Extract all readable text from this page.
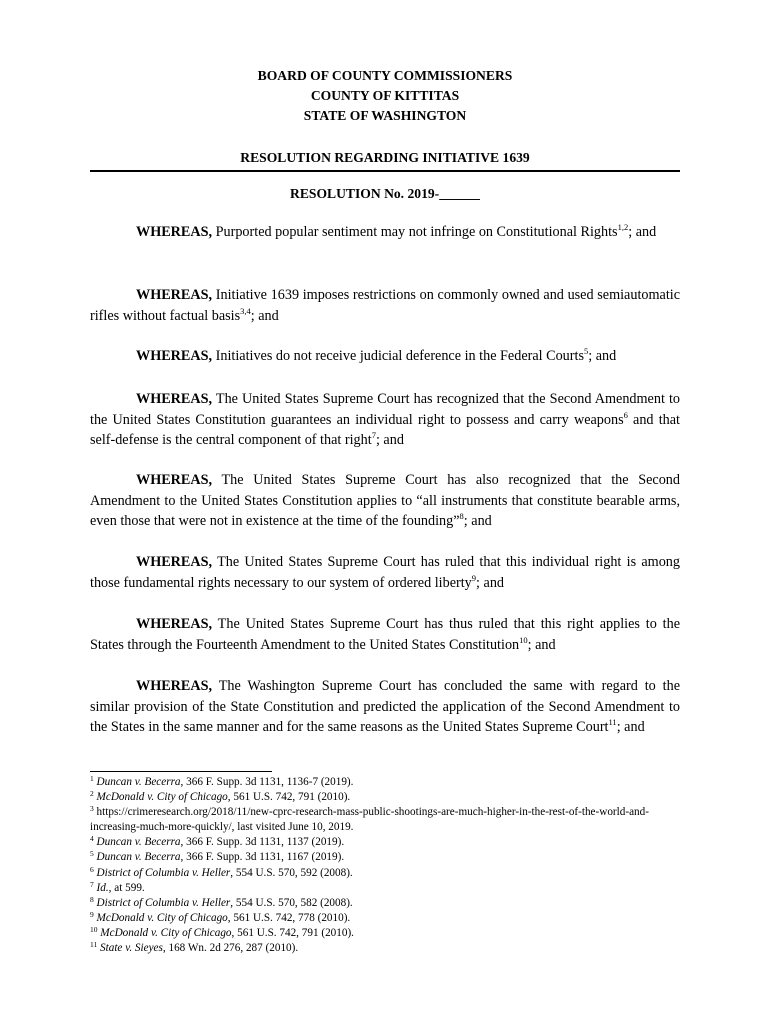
BOARD OF COUNTY COMMISSIONERS
COUNTY OF KITTITAS
STATE OF WASHINGTON
RESOLUTION REGARDING INITIATIVE 1639
RESOLUTION No. 2019-______
WHEREAS, Purported popular sentiment may not infringe on Constitutional Rights$^{1,2}$; and
WHEREAS, Initiative 1639 imposes restrictions on commonly owned and used semiautomatic rifles without factual basis$^{3,4}$; and
WHEREAS, Initiatives do not receive judicial deference in the Federal Courts$^5$; and
WHEREAS, The United States Supreme Court has recognized that the Second Amendment to the United States Constitution guarantees an individual right to possess and carry weapons$^6$ and that self-defense is the central component of that right$^7$; and
WHEREAS, The United States Supreme Court has also recognized that the Second Amendment to the United States Constitution applies to “all instruments that constitute bearable arms, even those that were not in existence at the time of the founding”$^8$; and
WHEREAS, The United States Supreme Court has ruled that this individual right is among those fundamental rights necessary to our system of ordered liberty$^9$; and
WHEREAS, The United States Supreme Court has thus ruled that this right applies to the States through the Fourteenth Amendment to the United States Constitution$^{10}$; and
WHEREAS, The Washington Supreme Court has concluded the same with regard to the similar provision of the State Constitution and predicted the application of the Second Amendment to the States in the same manner and for the same reasons as the United States Supreme Court$^{11}$; and
$^1$ Duncan v. Becerra, 366 F. Supp. 3d 1131, 1136-7 (2019).
$^2$ McDonald v. City of Chicago, 561 U.S. 742, 791 (2010).
$^3$ https://crimeresearch.org/2018/11/new-cprc-research-mass-public-shootings-are-much-higher-in-the-rest-of-the-world-and-increasing-much-more-quickly/, last visited June 10, 2019.
$^4$ Duncan v. Becerra, 366 F. Supp. 3d 1131, 1137 (2019).
$^5$ Duncan v. Becerra, 366 F. Supp. 3d 1131, 1167 (2019).
$^6$ District of Columbia v. Heller, 554 U.S. 570, 592 (2008).
$^7$ Id., at 599.
$^8$ District of Columbia v. Heller, 554 U.S. 570, 582 (2008).
$^9$ McDonald v. City of Chicago, 561 U.S. 742, 778 (2010).
$^{10}$ McDonald v. City of Chicago, 561 U.S. 742, 791 (2010).
$^{11}$ State v. Sieyes, 168 Wn. 2d 276, 287 (2010).
